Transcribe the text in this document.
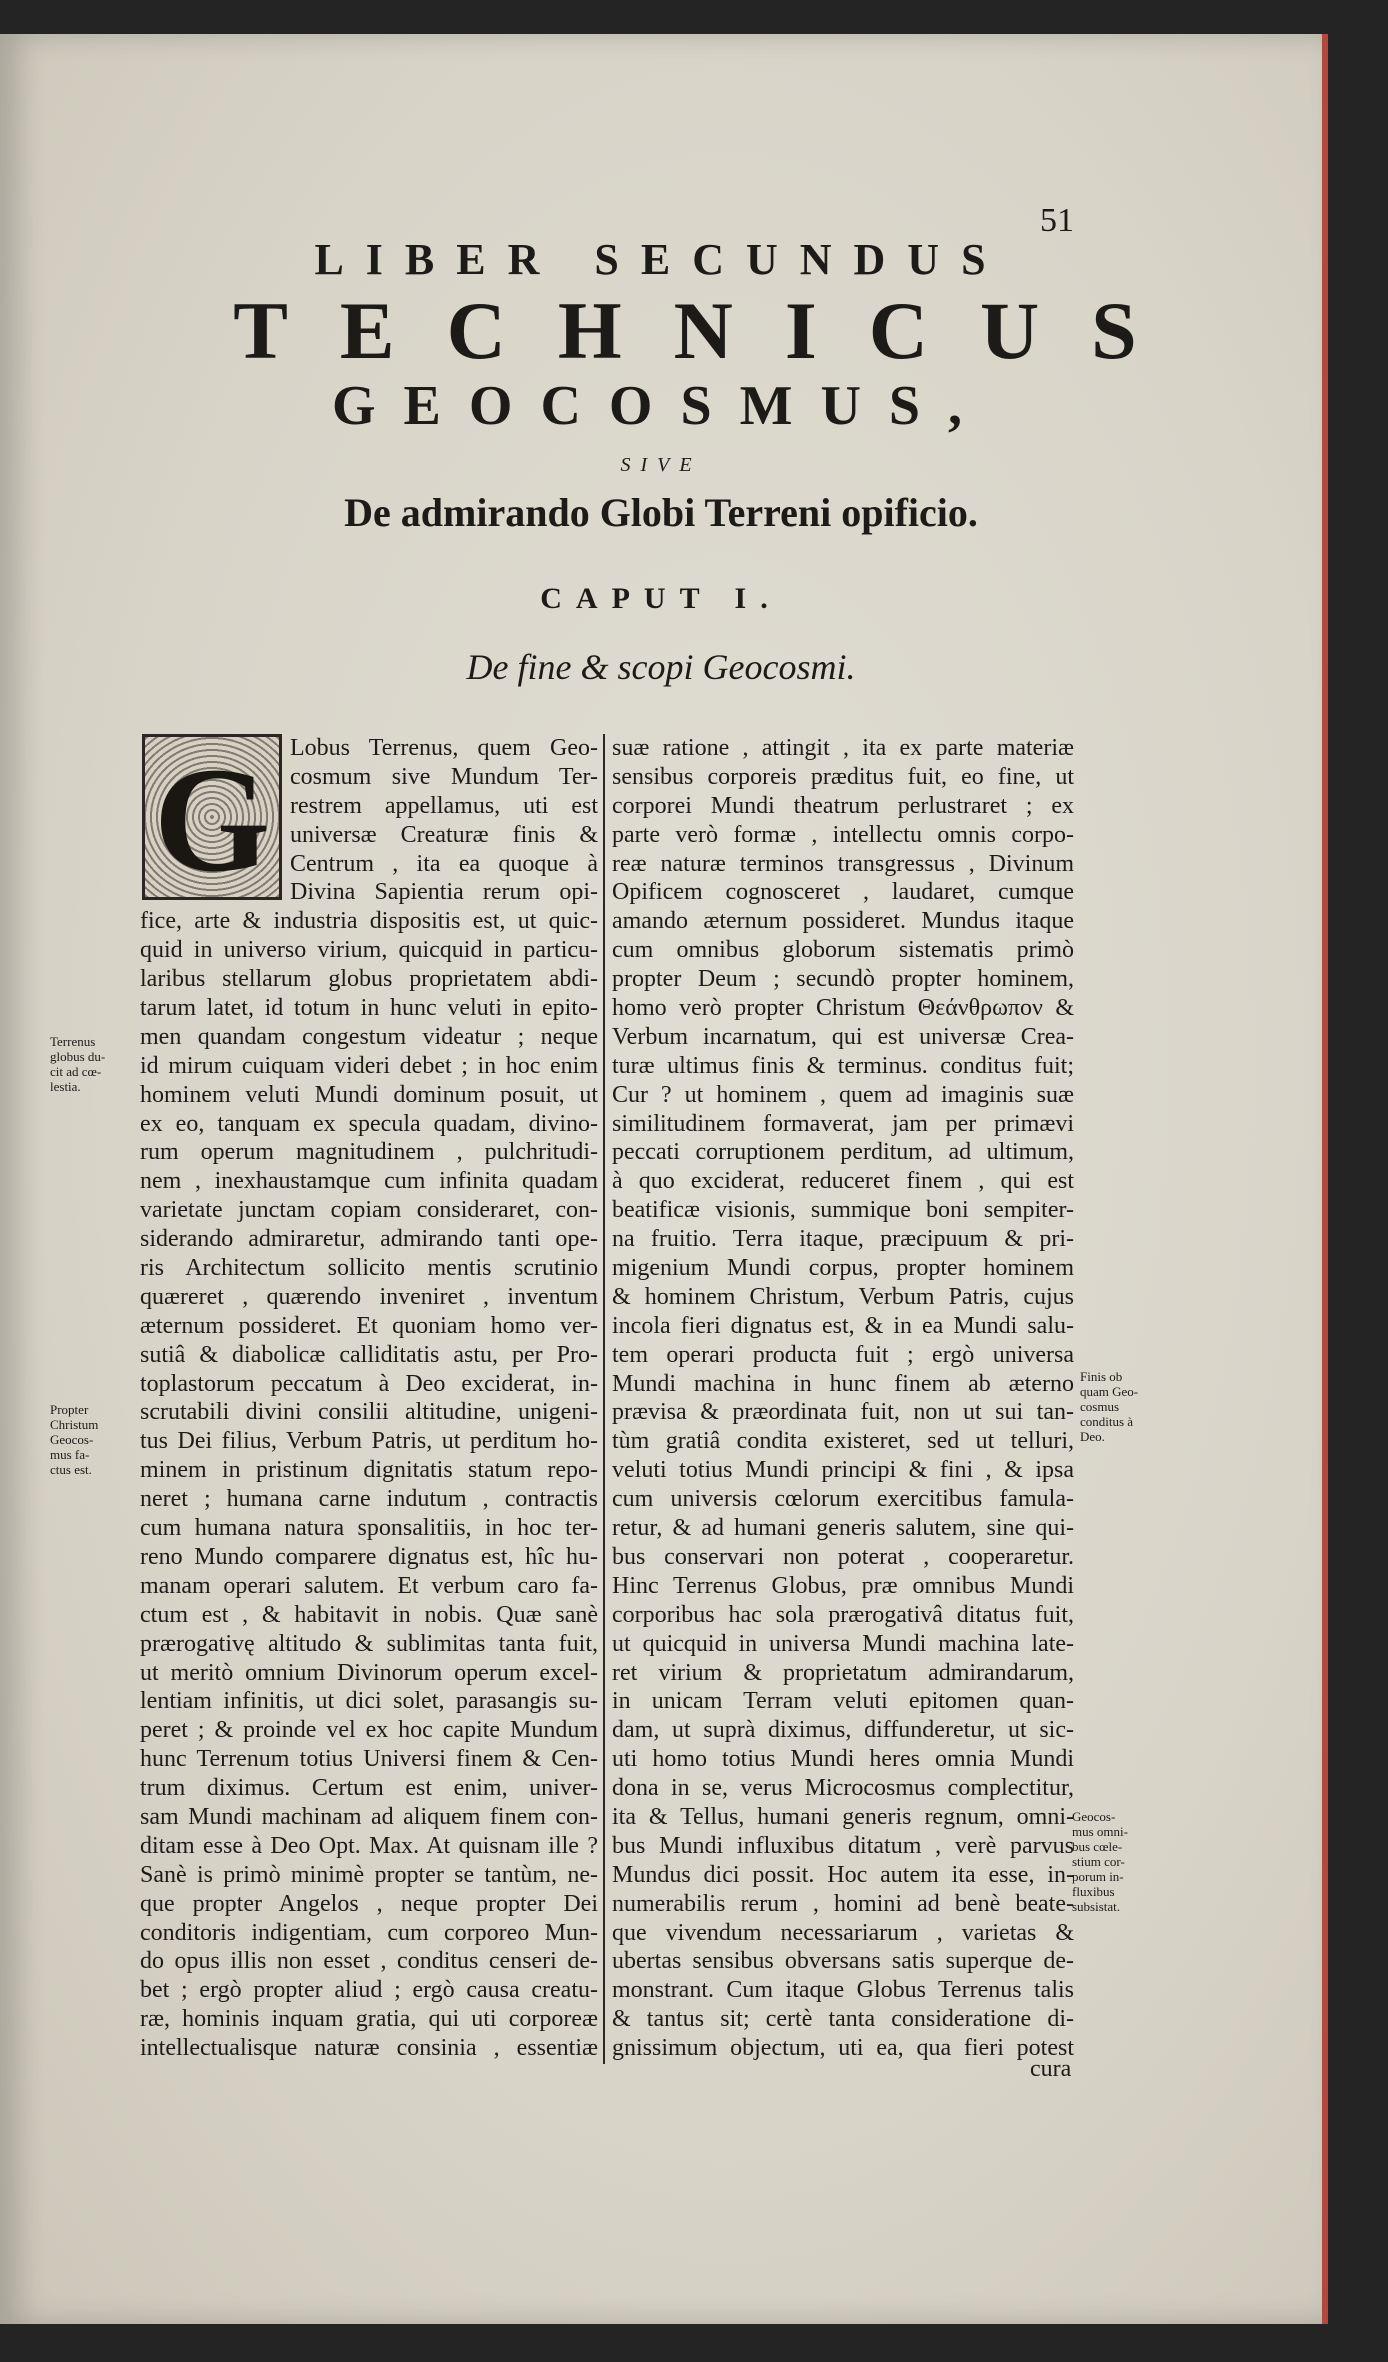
51
LIBER SECUNDUS
TECHNICUS
GEOCOSMUS,
SIVE
De admirando Globi Terreni opificio.
CAPUT I.
De fine & scopi Geocosmi.
G Lobus Terrenus, quem Geo-
cosmum sive Mundum Ter-
restrem appellamus, uti est
universæ Creaturæ finis &
Centrum , ita ea quoque à
Divina Sapientia rerum opi-
fice, arte & industria dispositis est, ut quic-
quid in universo virium, quicquid in particu-
laribus stellarum globus proprietatem abdi-
tarum latet, id totum in hunc veluti in epito-
men quandam congestum videatur ; neque
id mirum cuiquam videri debet ; in hoc enim
hominem veluti Mundi dominum posuit, ut
ex eo, tanquam ex specula quadam, divino-
rum operum magnitudinem , pulchritudi-
nem , inexhaustamque cum infinita quadam
varietate junctam copiam consideraret, con-
siderando admiraretur, admirando tanti ope-
ris Architectum sollicito mentis scrutinio
quæreret , quærendo inveniret , inventum
æternum possideret. Et quoniam homo ver-
sutiâ & diabolicæ calliditatis astu, per Pro-
toplastorum peccatum à Deo exciderat, in-
scrutabili divini consilii altitudine, unigeni-
tus Dei filius, Verbum Patris, ut perditum ho-
minem in pristinum dignitatis statum repo-
neret ; humana carne indutum , contractis
cum humana natura sponsalitiis, in hoc ter-
reno Mundo comparere dignatus est, hîc hu-
manam operari salutem. Et verbum caro fa-
ctum est , & habitavit in nobis. Quæ sanè
prærogativę altitudo & sublimitas tanta fuit,
ut meritò omnium Divinorum operum excel-
lentiam infinitis, ut dici solet, parasangis su-
peret ; & proinde vel ex hoc capite Mundum
hunc Terrenum totius Universi finem & Cen-
trum diximus. Certum est enim, univer-
sam Mundi machinam ad aliquem finem con-
ditam esse à Deo Opt. Max. At quisnam ille ?
Sanè is primò minimè propter se tantùm, ne-
que propter Angelos , neque propter Dei
conditoris indigentiam, cum corporeo Mun-
do opus illis non esset , conditus censeri de-
bet ; ergò propter aliud ; ergò causa creatu-
ræ, hominis inquam gratia, qui uti corporeæ
intellectualisque naturæ consinia , essentiæ
suæ ratione , attingit , ita ex parte materiæ
sensibus corporeis præditus fuit, eo fine, ut
corporei Mundi theatrum perlustraret ; ex
parte verò formæ , intellectu omnis corpo-
reæ naturæ terminos transgressus , Divinum
Opificem cognosceret , laudaret, cumque
amando æternum possideret. Mundus itaque
cum omnibus globorum sistematis primò
propter Deum ; secundò propter hominem,
homo verò propter Christum Θεάνθρωπον &
Verbum incarnatum, qui est universæ Crea-
turæ ultimus finis & terminus. conditus fuit;
Cur ? ut hominem , quem ad imaginis suæ
similitudinem formaverat, jam per primævi
peccati corruptionem perditum, ad ultimum,
à quo exciderat, reduceret finem , qui est
beatificæ visionis, summique boni sempiter-
na fruitio. Terra itaque, præcipuum & pri-
migenium Mundi corpus, propter hominem
& hominem Christum, Verbum Patris, cujus
incola fieri dignatus est, & in ea Mundi salu-
tem operari producta fuit ; ergò universa
Mundi machina in hunc finem ab æterno
prævisa & præordinata fuit, non ut sui tan-
tùm gratiâ condita existeret, sed ut telluri,
veluti totius Mundi principi & fini , & ipsa
cum universis cœlorum exercitibus famula-
retur, & ad humani generis salutem, sine qui-
bus conservari non poterat , cooperaretur.
Hinc Terrenus Globus, præ omnibus Mundi
corporibus hac sola prærogativâ ditatus fuit,
ut quicquid in universa Mundi machina late-
ret virium & proprietatum admirandarum,
in unicam Terram veluti epitomen quan-
dam, ut suprà diximus, diffunderetur, ut sic-
uti homo totius Mundi heres omnia Mundi
dona in se, verus Microcosmus complectitur,
ita & Tellus, humani generis regnum, omni-
bus Mundi influxibus ditatum , verè parvus
Mundus dici possit. Hoc autem ita esse, in-
numerabilis rerum , homini ad benè beate-
que vivendum necessariarum , varietas &
ubertas sensibus obversans satis superque de-
monstrant. Cum itaque Globus Terrenus talis
& tantus sit; certè tanta consideratione di-
gnissimum objectum, uti ea, qua fieri potest
Terrenus
globus du-
cit ad cœ-
lestia.
Propter
Christum
Geocos-
mus fa-
ctus est.
Finis ob
quam Geo-
cosmus
conditus à
Deo.
Geocos-
mus omni-
bus cœle-
stium cor-
porum in-
fluxibus
subsistat.
cura
